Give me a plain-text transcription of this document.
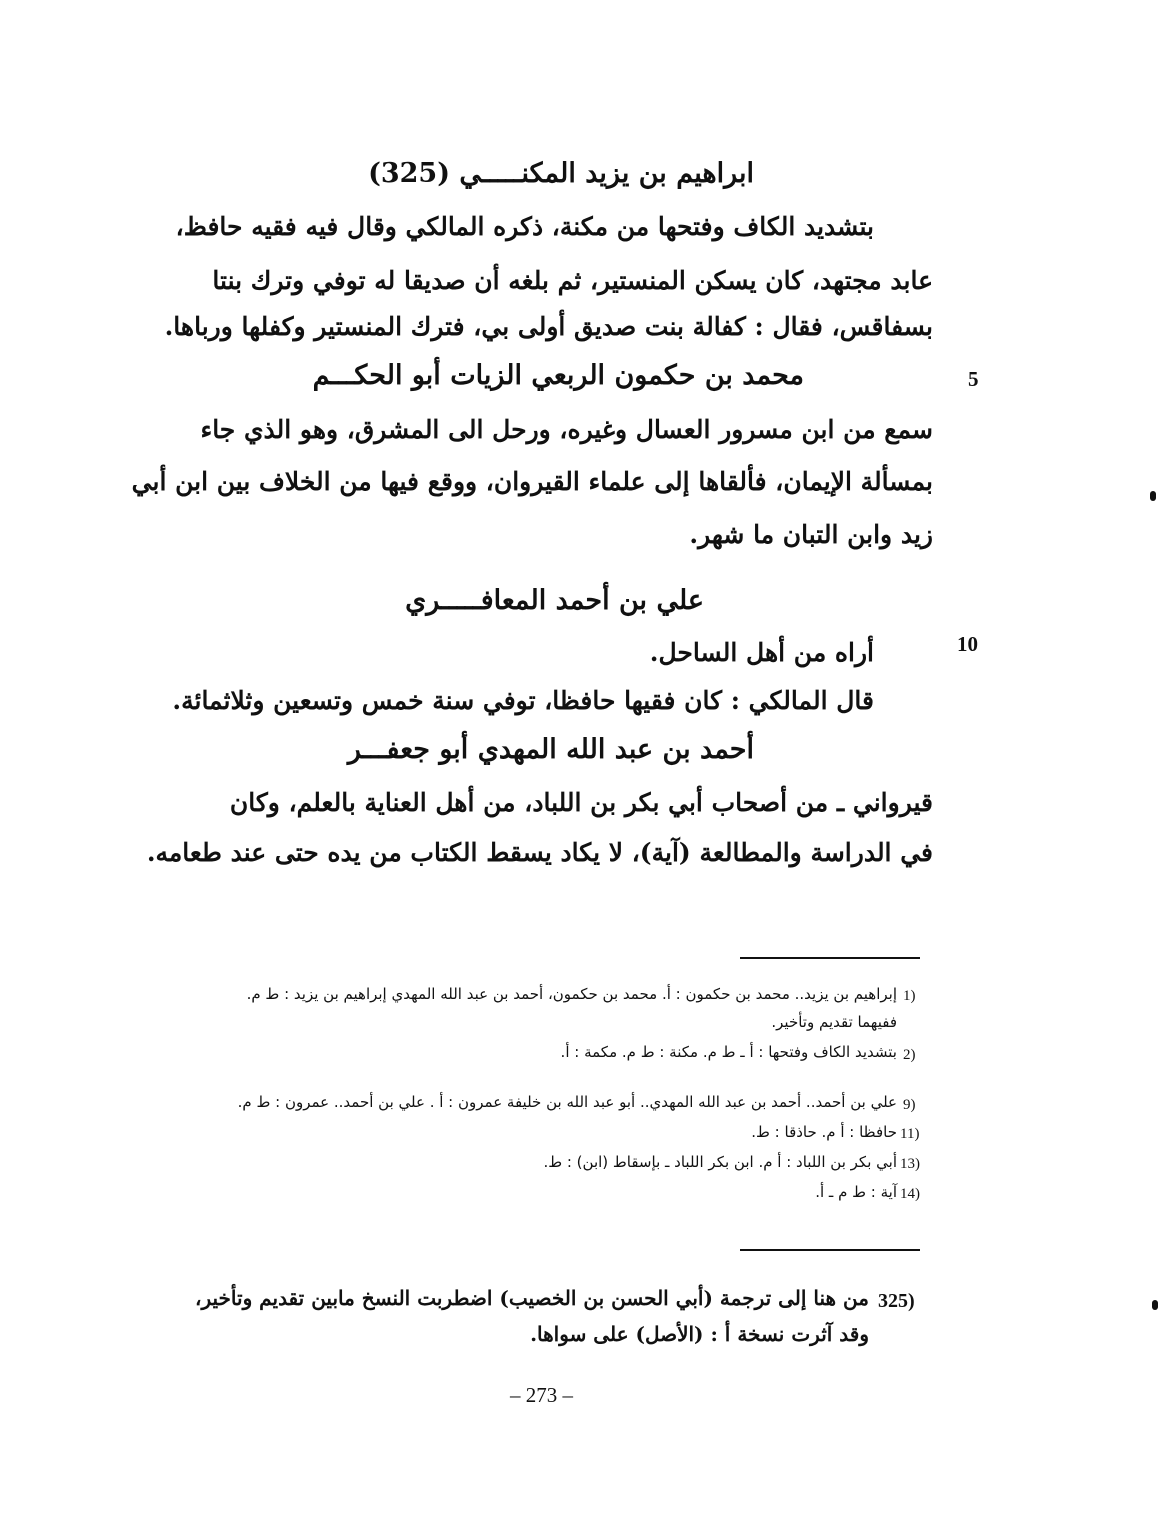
ابراهيم بن يزيد المكنـــــي (325)
بتشديد الكاف وفتحها من مكنة، ذكره المالكي وقال فيه فقيه حافظ،
عابد مجتهد، كان يسكن المنستير، ثم بلغه أن صديقا له توفي وترك بنتا
بسفاقس، فقال : كفالة بنت صديق أولى بي، فترك المنستير وكفلها ورباها.
5
محمد بن حكمون الربعي الزيات أبو الحكـــم
سمع من ابن مسرور العسال وغيره، ورحل الى المشرق، وهو الذي جاء
بمسألة الإيمان، فألقاها إلى علماء القيروان، ووقع فيها من الخلاف بين ابن أبي
زيد وابن التبان ما شهر.
علي بن أحمد المعافـــــري
10
أراه من أهل الساحل.
قال المالكي : كان فقيها حافظا، توفي سنة خمس وتسعين وثلاثمائة.
أحمد بن عبد الله المهدي أبو جعفـــر
قيرواني ـ من أصحاب أبي بكر بن اللباد، من أهل العناية بالعلم، وكان
في الدراسة والمطالعة (آية)، لا يكاد يسقط الكتاب من يده حتى عند طعامه.
1)
إبراهيم بن يزيد.. محمد بن حكمون : أ. محمد بن حكمون، أحمد بن عبد الله المهدي إبراهيم بن يزيد : ط م.
ففيهما تقديم وتأخير.
2)
بتشديد الكاف وفتحها : أ ـ ط م. مكنة : ط م. مكمة : أ.
9)
علي بن أحمد.. أحمد بن عبد الله المهدي.. أبو عبد الله بن خليفة عمرون : أ . علي بن أحمد.. عمرون : ط م.
11)
حافظا : أ م. حاذقا : ط.
13)
أبي بكر بن اللباد : أ م. ابن بكر اللباد ـ بإسقاط (ابن) : ط.
14)
آية : ط م ـ أ.
325)
من هنا إلى ترجمة (أبي الحسن بن الخصيب) اضطربت النسخ مابين تقديم وتأخير،
وقد آثرت نسخة أ : (الأصل) على سواها.
– 273 –
